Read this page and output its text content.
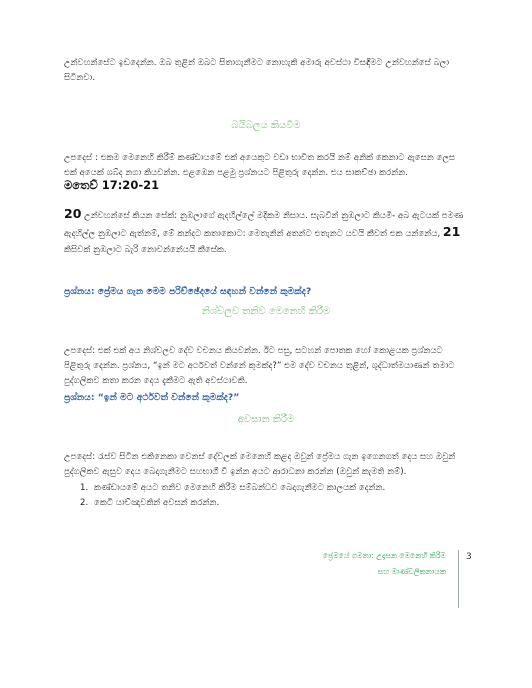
උන්වහන්සේට ඉඩදෙන්න. ඔබ තුළින් ඔබට සිතාගැනීමට නොහැකි අමාරු අවස්ථා විසඳීමට උන්වහන්සේ බලා සිටිනවා.

බයිබලය කියවීම

උපදෙස් : එකම මෙනෙහි කිරීම් කණ්ඩායමේ එක් අයෙකුට වඩා භාවිත කරයි නම් අනික් කෙනාට ඇසෙන ලෙස එක් අයෙක් ශබ්ද නගා කියවන්න. එළඹෙන පළමු ප්‍රශ්නයට පිළිතුරු දෙන්න. එය සාකච්ඡා කරන්න.

මතෙව් 17:20-21

20 උන්වහන්සේ කියන සේක්: නුඹලාගේ ඇදහිල්ලේ මදිකම නිසාය. සැබවින් නුඹලාට කියමි- අබ ඇටයක් පමණ ඇදහිල්ල නුඹලාට ඇත්නම්, මේ කන්දට කතාකොට: මෙතැනින් අතන්ට එතැනට යවයි කීවත් එක යන්නේය, 21 කිසිවක් නුඹලාට බැරි නොවන්නේයයි කීසේක.

ප්‍රශ්නය: ප්‍රේමය ගැන මෙම පරිච්ඡේදයේ සඳහන් වන්නේ කුමක්ද?
නිශ්චලව තනිව මෙනෙහි කිරීම

උපදෙස්: එක් එක් අය නිශ්චලව දේව වචනය කියවන්න. ඊට පසු, සටහන් පොතක හෝ කොළයක ප්‍රශ්නයට පිළිතුරු දෙන්න. ප්‍රශ්නය, “ඉන් මට අර්ථවත් වන්නේ කුමක්ද?” එම දේව වචනය තුළින්, ශුද්ධාත්මයාණන් තමාට පුද්ගලිකව කතා කරන දෙය දැකීමට ඇති අවස්ථාවකි.

ප්‍රශ්නය: “ඉන් මට අර්ථවත් වන්නේ කුමක්ද?”
අවසාන කිරීම

උපදෙස්: රැස්ව සිටින එකිනෙකා වෙනස් දේවලක් මෙනෙහි කළද ඔවුන් ප්‍රේමය ගැන ඉගෙනගත් දෙය සහ ඔවුන් පුද්ගලිකව ඇසුව දෙය බෙදාගැනීමට සහභාගී වී ඉන්න අයට ආරාධනා කරන්න (ඔවුන් කැමති නම්).

1. කණ්ඩායමේ අයට තනිව මෙනෙහි කිරීම සම්බන්ධව බෙදාගැනීමට කාලයක් දෙන්න.
2. කෙටි යාච්ඤාවකින් අවසන් කරන්න.
ප්‍රේමයේ ගමනා: උදෑසන මෙනෙහි කිරීම
සහ මාණ්ඩලිකනායක
3
